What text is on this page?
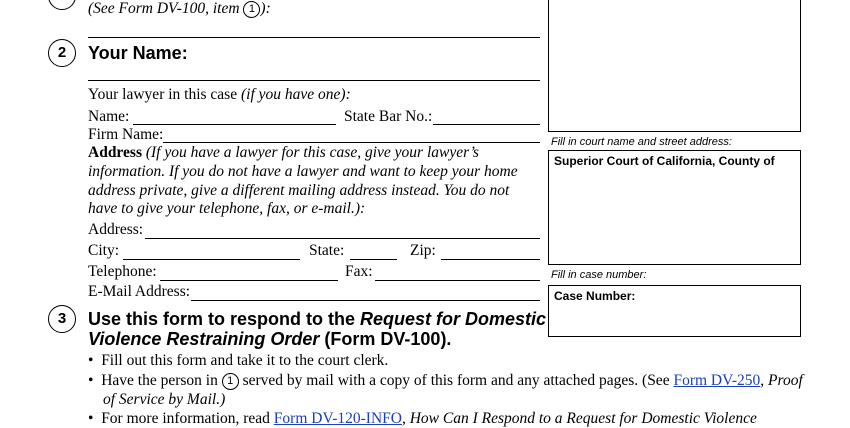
(See Form DV-100, item 1 ):
2	Your Name:
Your lawyer in this case (if you have one):
Name:	State Bar No.:
Firm Name:
Address (If you have a lawyer for this case, give your lawyer’s
information. If you do not have a lawyer and want to keep your home
address private, give a different mailing address instead. You do not
have to give your telephone, fax, or e-mail.):
Address:
City:	State:	Zip:
Telephone:	Fax:
E-Mail Address:
Fill in court name and street address:
Superior Court of California, County of
Fill in case number:
Case Number:
3	Use this form to respond to the Request for Domestic
Violence Restraining Order (Form DV-100).
•  Fill out this form and take it to the court clerk.
•  Have the person in 1 served by mail with a copy of this form and any attached pages. (See Form DV-250, Proof
of Service by Mail.)
•  For more information, read Form DV-120-INFO, How Can I Respond to a Request for Domestic Violence
